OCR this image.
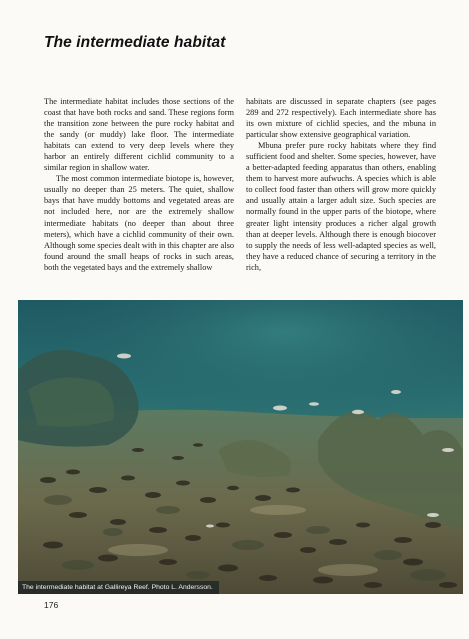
The intermediate habitat

The intermediate habitat includes those sections of the coast that have both rocks and sand. These regions form the transition zone between the pure rocky habitat and the sandy (or muddy) lake floor. The intermediate habitats can extend to very deep levels where they harbor an entirely different cichlid community to a similar region in shallow water.

The most common intermediate biotope is, however, usually no deeper than 25 meters. The quiet, shallow bays that have muddy bottoms and vegetated areas are not included here, nor are the extremely shallow intermediate habitats (no deeper than about three meters), which have a cichlid community of their own. Although some species dealt with in this chapter are also found around the small heaps of rocks in such areas, both the vegetated bays and the extremely shallow

habitats are discussed in separate chapters (see pages 289 and 272 respectively). Each intermediate shore has its own mixture of cichlid species, and the mbuna in particular show extensive geographical variation.

Mbuna prefer pure rocky habitats where they find sufficient food and shelter. Some species, however, have a better-adapted feeding apparatus than others, enabling them to harvest more aufwuchs. A species which is able to collect food faster than others will grow more quickly and usually attain a larger adult size. Such species are normally found in the upper parts of the biotope, where greater light intensity produces a richer algal growth than at deeper levels. Although there is enough biocover to supply the needs of less well-adapted species as well, they have a reduced chance of securing a territory in the rich,

The intermediate habitat at Gallireya Reef. Photo L. Andersson.
176
